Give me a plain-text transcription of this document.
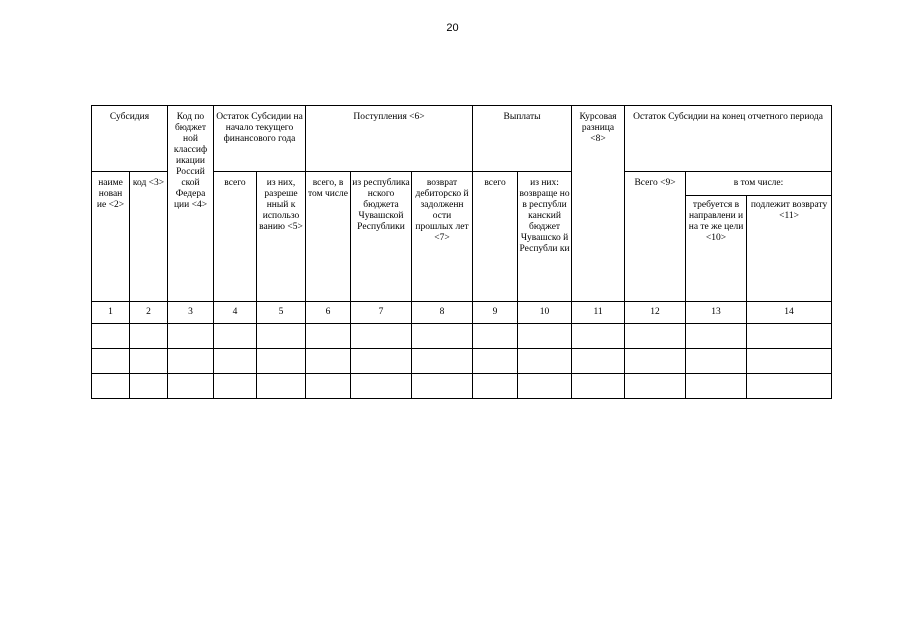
20
Субсидия		Код по бюджет ной классиф икации Россий ской Федера ции <4>	Остаток Субсидии на начало текущего финансового года		Поступления <6>			Выплаты		Курсовая разница <8>	Остаток Субсидии на конец отчетного периода		
наиме нован ие <2>	код <3>		всего	из них, разреше нный к использо ванию <5>	всего, в том числе	из республика нского бюджета Чувашской Республики	возврат дебиторско й задолженн ости прошлых лет <7>	всего	из них: возвраще но в республи канский бюджет Чувашско й Республи ки		Всего <9>	в том числе:	
												требуется в направлени и на те же цели <10>	подлежит возврату <11>
1	2	3	4	5	6	7	8	9	10	11	12	13	14
